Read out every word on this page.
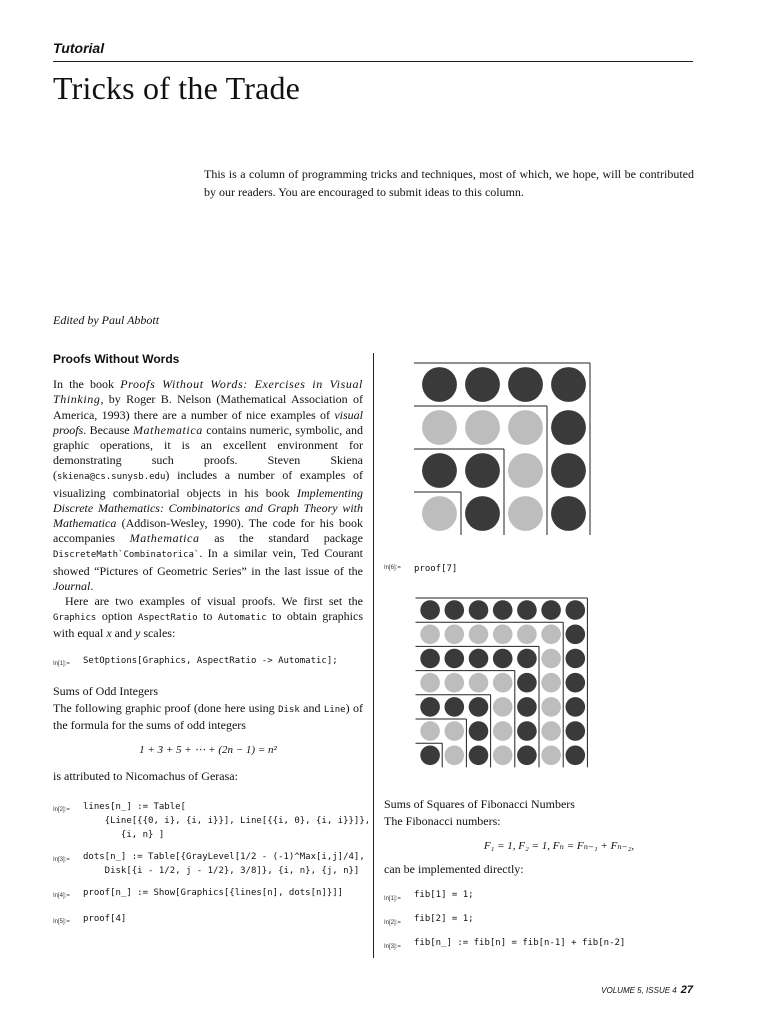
Tutorial
Tricks of the Trade

This is a column of programming tricks and techniques, most of which, we hope, will be contributed by our readers. You are encouraged to submit ideas to this column.

Edited by Paul Abbott
Proofs Without Words

In the book Proofs Without Words: Exercises in Visual Thinking, by Roger B. Nelson (Mathematical Association of America, 1993) there are a number of nice examples of visual proofs. Because Mathematica contains numeric, symbolic, and graphic operations, it is an excellent environment for demonstrating such proofs. Steven Skiena (skiena@cs.sunysb.edu) includes a number of examples of visualizing combinatorial objects in his book Implementing Discrete Mathematics: Combinatorics and Graph Theory with Mathematica (Addison-Wesley, 1990). The code for his book accompanies Mathematica as the standard package DiscreteMath`Combinatorica`. In a similar vein, Ted Courant showed “Pictures of Geometric Series” in the last issue of the Journal.

Here are two examples of visual proofs. We first set the Graphics option AspectRatio to Automatic to obtain graphics with equal x and y scales:

In[1]:=	SetOptions[Graphics, AspectRatio -> Automatic];
Sums of Odd Integers

The following graphic proof (done here using Disk and Line) of the formula for the sums of odd integers

1 + 3 + 5 + ⋯ + (2n − 1) = n²

is attributed to Nicomachus of Gerasa:

In[2]:=	lines[n_] := Table[
{Line[{{0, i}, {i, i}}], Line[{{i, 0}, {i, i}}]},
{i, n} ]
In[3]:=	dots[n_] := Table[{GrayLevel[1/2 - (-1)^Max[i,j]/4],
Disk[{i - 1/2, j - 1/2}, 3/8]}, {i, n}, {j, n}]
In[4]:=	proof[n_] := Show[Graphics[{lines[n], dots[n]}]]
In[5]:=	proof[4]
In[6]:=	proof[7]
Sums of Squares of Fibonacci Numbers
The Fibonacci numbers:
F₁ = 1, F₂ = 1, Fₙ = Fₙ₋₁ + Fₙ₋₂,
can be implemented directly:
In[1]:=	fib[1] = 1;
In[2]:=	fib[2] = 1;
In[3]:=	fib[n_] := fib[n] = fib[n-1] + fib[n-2]
VOLUME 5, ISSUE 4 27
